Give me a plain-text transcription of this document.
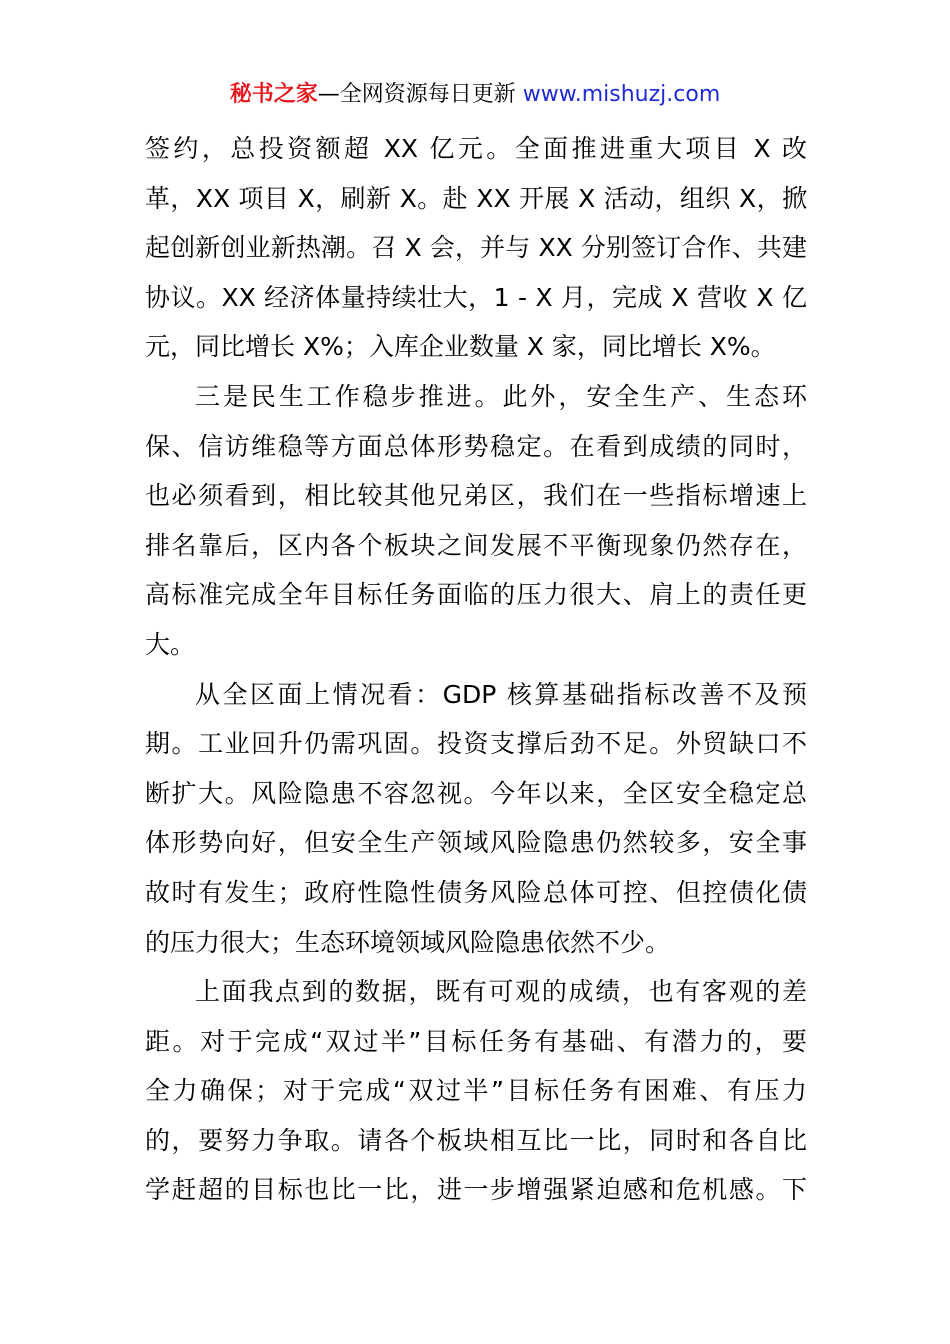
秘书之家—全网资源每日更新 www.mishuzj.com
签约，总投资额超 XX 亿元。全面推进重大项目 X 改
革，XX 项目 X，刷新 X。赴 XX 开展 X 活动，组织 X，掀
起创新创业新热潮。召 X 会，并与 XX 分别签订合作、共建
协议。XX 经济体量持续壮大，1 - X 月，完成 X 营收 X 亿
元，同比增长 X%；入库企业数量 X 家，同比增长 X%。
三是民生工作稳步推进。此外，安全生产、生态环
保、信访维稳等方面总体形势稳定。在看到成绩的同时，
也必须看到，相比较其他兄弟区，我们在一些指标增速上
排名靠后，区内各个板块之间发展不平衡现象仍然存在，
高标准完成全年目标任务面临的压力很大、肩上的责任更
大。
从全区面上情况看：GDP 核算基础指标改善不及预
期。工业回升仍需巩固。投资支撑后劲不足。外贸缺口不
断扩大。风险隐患不容忽视。今年以来，全区安全稳定总
体形势向好，但安全生产领域风险隐患仍然较多，安全事
故时有发生；政府性隐性债务风险总体可控、但控债化债
的压力很大；生态环境领域风险隐患依然不少。
上面我点到的数据，既有可观的成绩，也有客观的差
距。对于完成“双过半”目标任务有基础、有潜力的，要
全力确保；对于完成“双过半”目标任务有困难、有压力
的，要努力争取。请各个板块相互比一比，同时和各自比
学赶超的目标也比一比，进一步增强紧迫感和危机感。下
